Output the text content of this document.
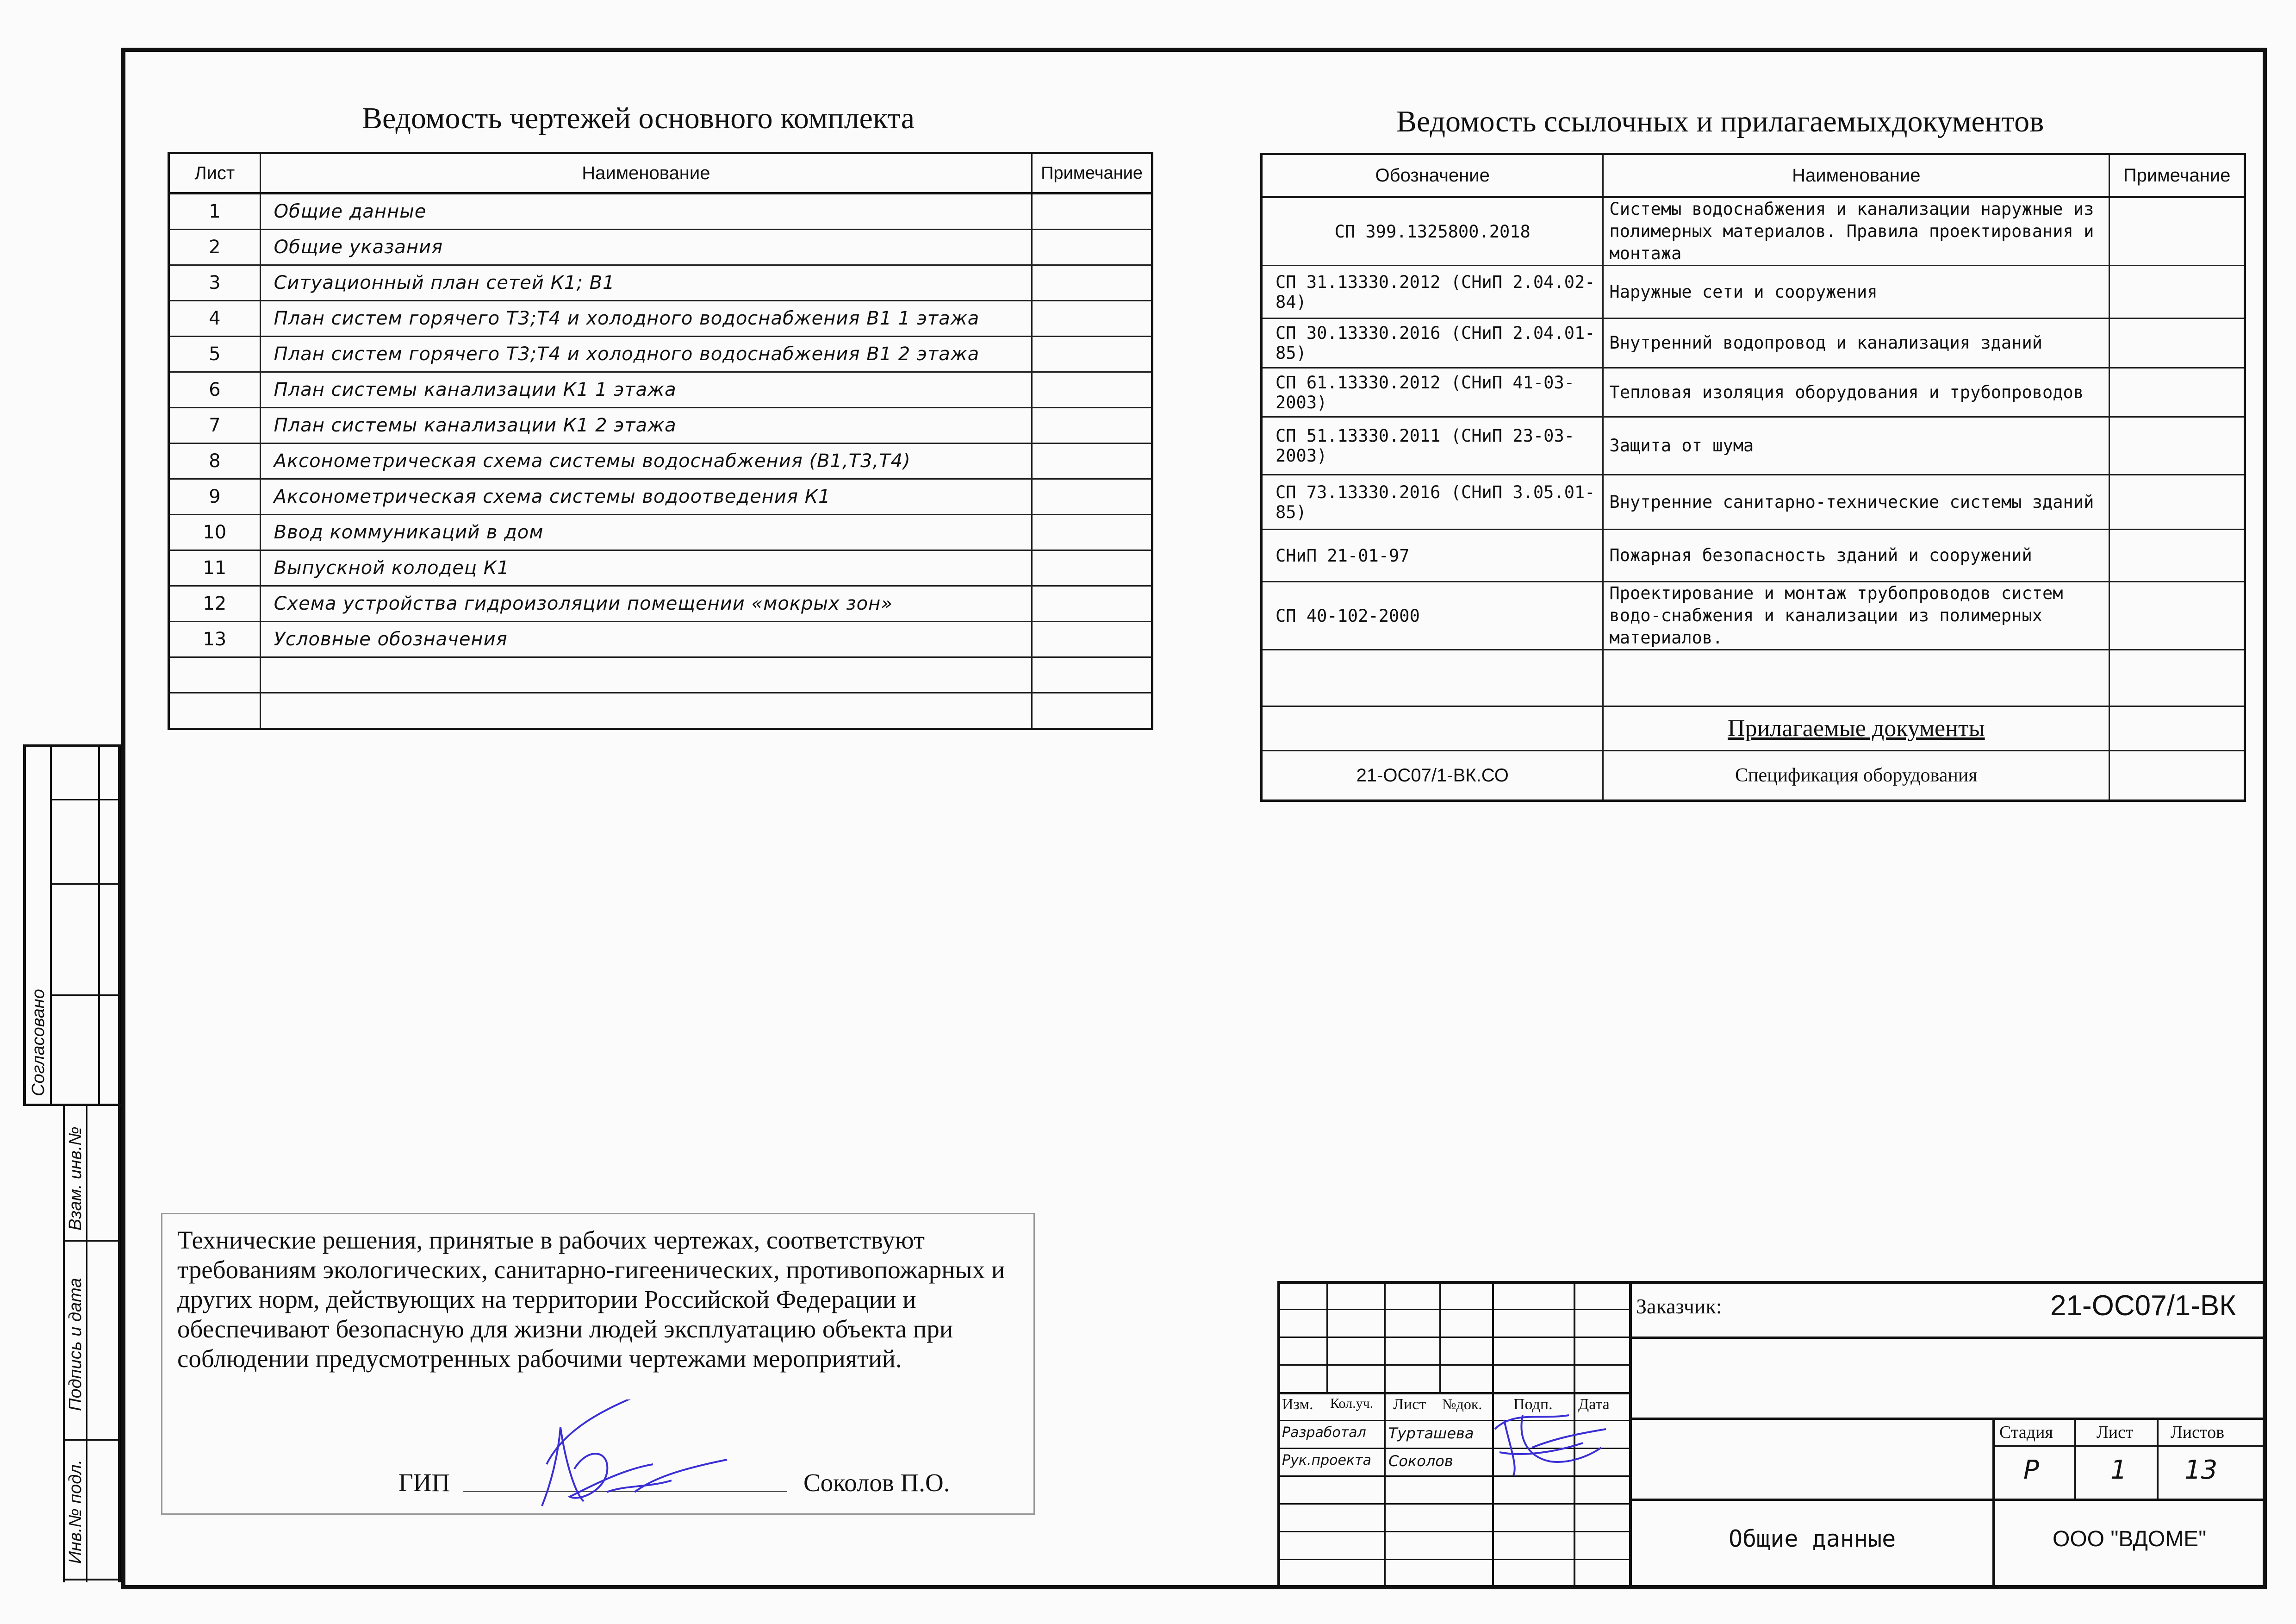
Согласовано
Взам. инв.№
Подпись и дата
Инв.№ подл.
Ведомость чертежей основного комплекта
Лист	Наименование	Примечание
1	Общие данные	
2	Общие указания	
3	Ситуационный план сетей К1; В1	
4	План систем горячего Т3;Т4 и холодного водоснабжения В1 1 этажа	
5	План систем горячего Т3;Т4 и холодного водоснабжения В1 2 этажа	
6	План системы канализации К1 1 этажа	
7	План системы канализации К1 2 этажа	
8	Аксонометрическая схема системы водоснабжения (В1,Т3,Т4)	
9	Аксонометрическая схема системы водоотведения К1	
10	Ввод коммуникаций в дом	
11	Выпускной колодец К1	
12	Схема устройства гидроизоляции помещении «мокрых зон»	
13	Условные обозначения	

Ведомость ссылочных и прилагаемыхдокументов
Обозначение	Наименование	Примечание
СП 399.1325800.2018	Системы водоснабжения и канализации наружные из полимерных материалов. Правила проектирования и монтажа	
СП 31.13330.2012 (СНиП 2.04.02-84)	Наружные сети и сооружения	
СП 30.13330.2016 (СНиП 2.04.01-85)	Внутренний водопровод и канализация зданий	
СП 61.13330.2012 (СНиП 41-03-2003)	Тепловая изоляция оборудования и трубопроводов	
СП 51.13330.2011 (СНиП 23-03-2003)	Защита от шума	
СП 73.13330.2016 (СНиП 3.05.01-85)	Внутренние санитарно-технические системы зданий	
СНиП 21-01-97	Пожарная безопасность зданий и сооружений	
СП 40-102-2000	Проектирование и монтаж трубопроводов систем водо-снабжения и канализации из полимерных материалов.	

	Прилагаемые документы	
21-ОС07/1-ВК.СО	Спецификация оборудования	
Технические решения, принятые в рабочих чертежах, соответствуют требованиям экологических, санитарно-гигеенических, противопожарных и других норм, действующих на территории Российской Федерации и обеспечивают безопасную для жизни людей эксплуатацию объекта при соблюдении предусмотренных рабочими чертежами мероприятий.
ГИП	Соколов П.О.
Изм. Кол.уч. Лист №док. Подп. Дата
Разработал Турташева
Рук.проекта Соколов
Заказчик:	21-ОС07/1-ВК
Стадия Лист Листов
Р	1 13
Общие данные	ООО "ВДОМЕ"
